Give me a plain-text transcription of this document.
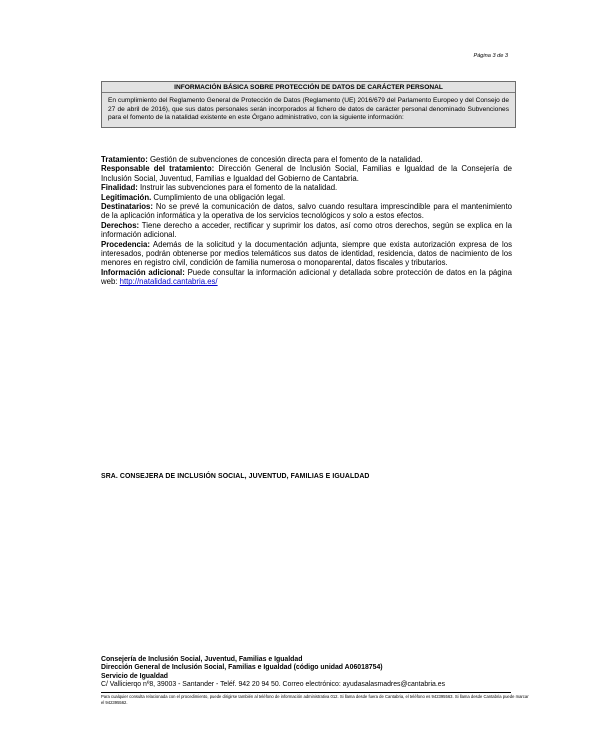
Página 3 de 3
INFORMACIÓN BÁSICA SOBRE PROTECCIÓN DE DATOS DE CARÁCTER PERSONAL
En cumplimiento del Reglamento General de Protección de Datos (Reglamento (UE) 2016/679 del Parlamento Europeo y del Consejo de 27 de abril de 2016), que sus datos personales serán incorporados al fichero de datos de carácter personal denominado Subvenciones para el fomento de la natalidad existente en este Órgano administrativo, con la siguiente información:

Tratamiento: Gestión de subvenciones de concesión directa para el fomento de la natalidad.

Responsable del tratamiento: Dirección General de Inclusión Social, Familias e Igualdad de la Consejería de Inclusión Social, Juventud, Familias e Igualdad del Gobierno de Cantabria.

Finalidad: Instruir las subvenciones para el fomento de la natalidad.

Legitimación. Cumplimiento de una obligación legal.

Destinatarios: No se prevé la comunicación de datos, salvo cuando resultara imprescindible para el mantenimiento de la aplicación informática y la operativa de los servicios tecnológicos y solo a estos efectos.

Derechos: Tiene derecho a acceder, rectificar y suprimir los datos, así como otros derechos, según se explica en la información adicional.

Procedencia: Además de la solicitud y la documentación adjunta, siempre que exista autorización expresa de los interesados, podrán obtenerse por medios telemáticos sus datos de identidad, residencia, datos de nacimiento de los menores en registro civil, condición de familia numerosa o monoparental, datos fiscales y tributarios.

Información adicional: Puede consultar la información adicional y detallada sobre protección de datos en la página web: http://natalidad.cantabria.es/

SRA. CONSEJERA DE INCLUSIÓN SOCIAL, JUVENTUD, FAMILIAS E IGUALDAD
Consejería de Inclusión Social, Juventud, Familias e Igualdad
Dirección General de Inclusión Social, Familias e Igualdad (código unidad A06018754)
Servicio de Igualdad
C/ Vallicierqo nº8, 39003 - Santander - Teléf. 942 20 94 50. Correo electrónico: ayudasalasmadres@cantabria.es
Para cualquier consulta relacionada con el procedimiento, puede dirigirse también al teléfono de información administrativa 012. Si llama desde fuera de Cantabria, el teléfono es 942395563. Si llama desde Cantabria puede marcar el 942395562.
